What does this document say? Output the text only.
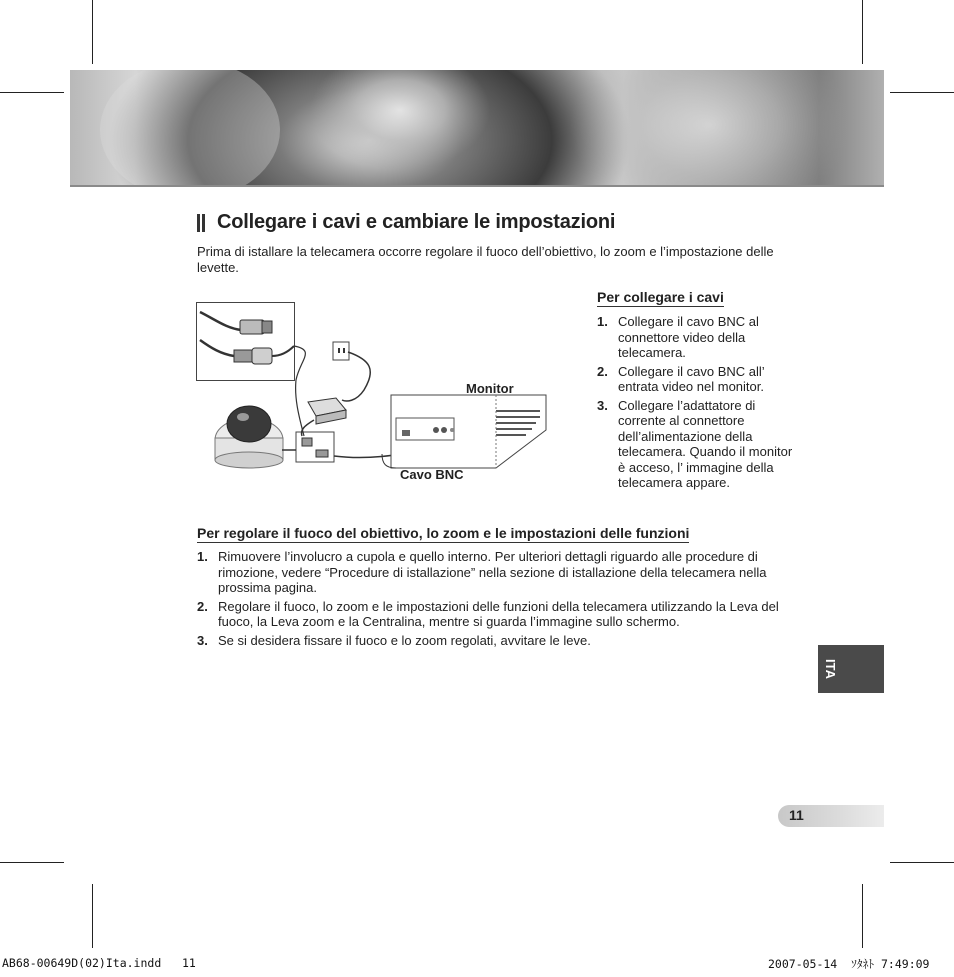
Collegare i cavi e cambiare le impostazioni

Prima di istallare la telecamera occorre regolare il fuoco dell’obiettivo, lo zoom e l’impostazione delle levette.

Monitor
Cavo BNC
Per collegare i cavi
1. Collegare il cavo BNC al connettore video della telecamera.
2. Collegare il cavo BNC all’ entrata video nel monitor.
3. Collegare l’adattatore di corrente al connettore dell’alimentazione della telecamera. Quando il monitor è acceso, l’ immagine della telecamera appare.
Per regolare il fuoco del obiettivo, lo zoom e le impostazioni delle funzioni
1. Rimuovere l’involucro a cupola e quello interno. Per ulteriori dettagli riguardo alle procedure di rimozione, vedere “Procedure di istallazione” nella sezione di istallazione della telecamera nella prossima pagina.
2. Regolare il fuoco, lo zoom e le impostazioni delle funzioni della telecamera utilizzando la Leva del fuoco, la Leva zoom e la Centralina, mentre si guarda l’immagine sullo schermo.
3. Se si desidera fissare il fuoco e lo zoom regolati, avvitare le leve.
ITA
11
AB68-00649D(02)Ita.indd   11	2007-05-14  ｿﾀﾈﾄ 7:49:09
